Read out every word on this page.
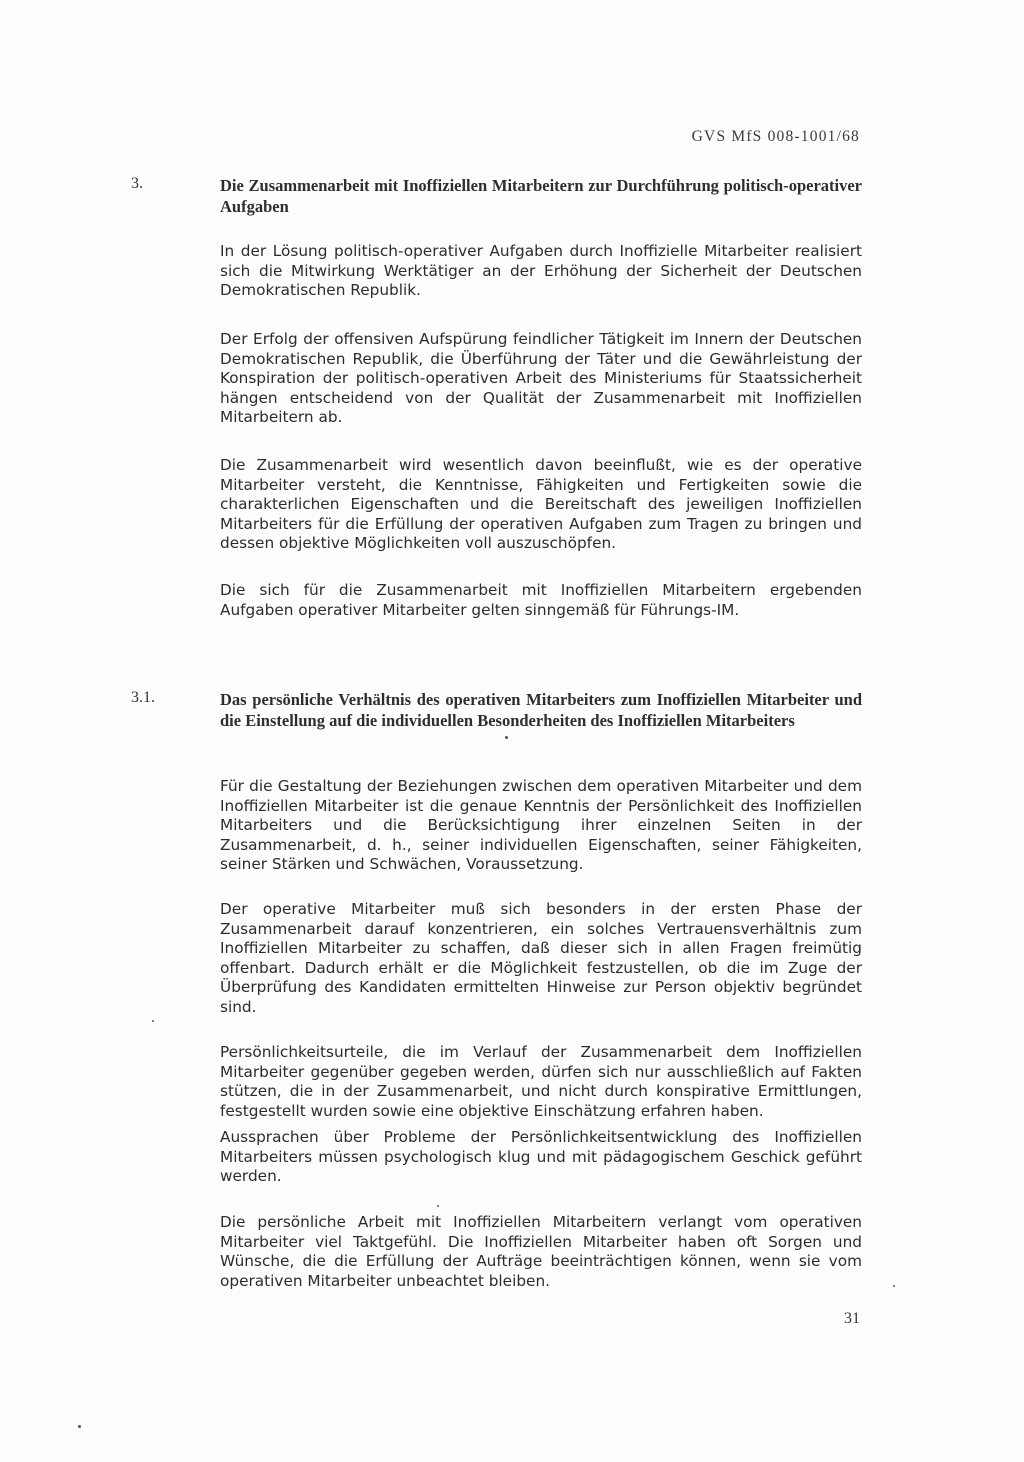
GVS MfS 008-1001/68
3.	Die Zusammenarbeit mit Inoffiziellen Mitarbeitern zur Durchführung politisch-operativer Aufgaben

In der Lösung politisch-operativer Aufgaben durch Inoffizielle Mitarbeiter realisiert sich die Mitwirkung Werktätiger an der Erhöhung der Sicherheit der Deutschen Demokratischen Republik.

Der Erfolg der offensiven Aufspürung feindlicher Tätigkeit im Innern der Deutschen Demokratischen Republik, die Überführung der Täter und die Gewährleistung der Konspiration der politisch-operativen Arbeit des Ministeriums für Staatssicherheit hängen entscheidend von der Qualität der Zusammenarbeit mit Inoffiziellen Mitarbeitern ab.

Die Zusammenarbeit wird wesentlich davon beeinflußt, wie es der operative Mitarbeiter versteht, die Kenntnisse, Fähigkeiten und Fertigkeiten sowie die charakterlichen Eigenschaften und die Bereitschaft des jeweiligen Inoffiziellen Mitarbeiters für die Erfüllung der operativen Aufgaben zum Tragen zu bringen und dessen objektive Möglichkeiten voll auszuschöpfen.

Die sich für die Zusammenarbeit mit Inoffiziellen Mitarbeitern ergebenden Aufgaben operativer Mitarbeiter gelten sinngemäß für Führungs-IM.

3.1.	Das persönliche Verhältnis des operativen Mitarbeiters zum Inoffiziellen Mitarbeiter und die Einstellung auf die individuellen Besonderheiten des Inoffiziellen Mitarbeiters

Für die Gestaltung der Beziehungen zwischen dem operativen Mitarbeiter und dem Inoffiziellen Mitarbeiter ist die genaue Kenntnis der Persönlichkeit des Inoffiziellen Mitarbeiters und die Berücksichtigung ihrer einzelnen Seiten in der Zusammenarbeit, d. h., seiner individuellen Eigenschaften, seiner Fähigkeiten, seiner Stärken und Schwächen, Voraussetzung.

Der operative Mitarbeiter muß sich besonders in der ersten Phase der Zusammenarbeit darauf konzentrieren, ein solches Vertrauensverhältnis zum Inoffiziellen Mitarbeiter zu schaffen, daß dieser sich in allen Fragen freimütig offenbart. Dadurch erhält er die Möglichkeit festzustellen, ob die im Zuge der Überprüfung des Kandidaten ermittelten Hinweise zur Person objektiv begründet sind.

Persönlichkeitsurteile, die im Verlauf der Zusammenarbeit dem Inoffiziellen Mitarbeiter gegenüber gegeben werden, dürfen sich nur ausschließlich auf Fakten stützen, die in der Zusammenarbeit, und nicht durch konspirative Ermittlungen, festgestellt wurden sowie eine objektive Einschätzung erfahren haben.

Aussprachen über Probleme der Persönlichkeitsentwicklung des Inoffiziellen Mitarbeiters müssen psychologisch klug und mit pädagogischem Geschick geführt werden.

Die persönliche Arbeit mit Inoffiziellen Mitarbeitern verlangt vom operativen Mitarbeiter viel Taktgefühl. Die Inoffiziellen Mitarbeiter haben oft Sorgen und Wünsche, die die Erfüllung der Aufträge beeinträchtigen können, wenn sie vom operativen Mitarbeiter unbeachtet bleiben.

31
